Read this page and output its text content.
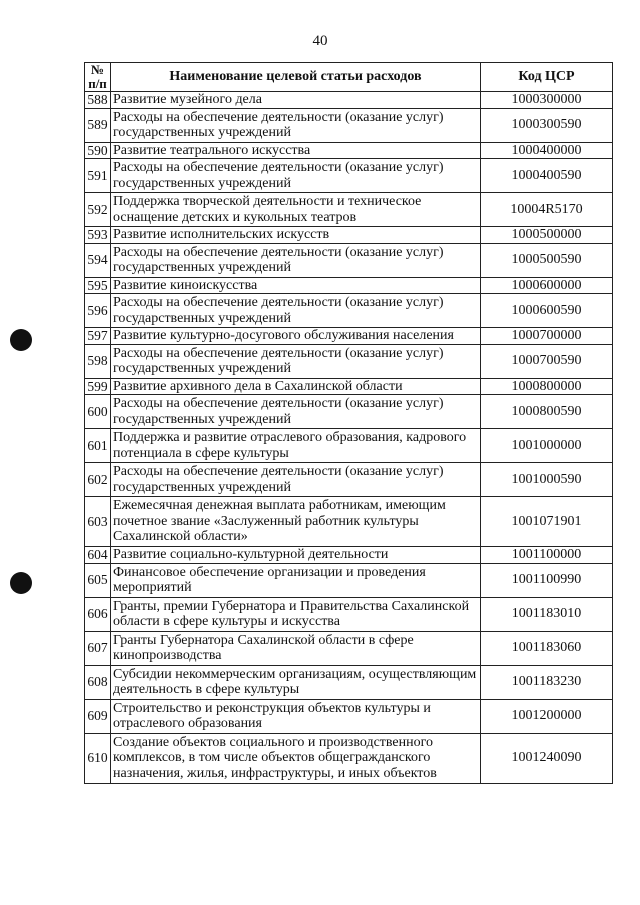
40
№
п/п	Наименование целевой статьи расходов	Код ЦСР
588	Развитие музейного дела	1000300000
589	Расходы на обеспечение деятельности (оказание услуг) государственных учреждений	1000300590
590	Развитие театрального искусства	1000400000
591	Расходы на обеспечение деятельности (оказание услуг) государственных учреждений	1000400590
592	Поддержка творческой деятельности и техническое оснащение детских и кукольных театров	10004R5170
593	Развитие исполнительских искусств	1000500000
594	Расходы на обеспечение деятельности (оказание услуг) государственных учреждений	1000500590
595	Развитие киноискусства	1000600000
596	Расходы на обеспечение деятельности (оказание услуг) государственных учреждений	1000600590
597	Развитие культурно-досугового обслуживания населения	1000700000
598	Расходы на обеспечение деятельности (оказание услуг) государственных учреждений	1000700590
599	Развитие архивного дела в Сахалинской области	1000800000
600	Расходы на обеспечение деятельности (оказание услуг) государственных учреждений	1000800590
601	Поддержка и развитие отраслевого образования, кадрового потенциала в сфере культуры	1001000000
602	Расходы на обеспечение деятельности (оказание услуг) государственных учреждений	1001000590
603	Ежемесячная денежная выплата работникам, имеющим почетное звание «Заслуженный работник культуры Сахалинской области»	1001071901
604	Развитие социально-культурной деятельности	1001100000
605	Финансовое обеспечение организации и проведения мероприятий	1001100990
606	Гранты, премии Губернатора и Правительства Сахалинской области в сфере культуры и искусства	1001183010
607	Гранты Губернатора Сахалинской области в сфере кинопроизводства	1001183060
608	Субсидии некоммерческим организациям, осуществляющим деятельность в сфере культуры	1001183230
609	Строительство и реконструкция объектов культуры и отраслевого образования	1001200000
610	Создание объектов социального и производственного комплексов, в том числе объектов общегражданского назначения, жилья, инфраструктуры, и иных объектов	1001240090
